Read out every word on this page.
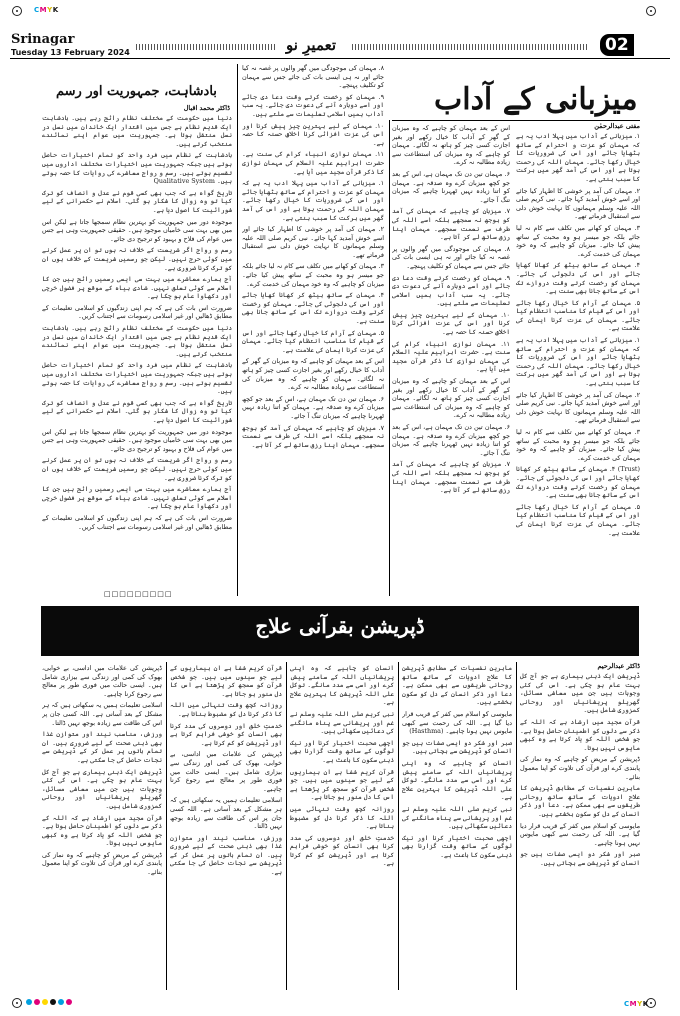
CMYK
CMYK
Srinagar
Tuesday 13 February 2024	تعمیرِ نو	02
میزبانی کے آداب
مفتی عبدالرحمٰن

۱. میزبانی کے آداب میں پہلا ادب یہ ہے کہ مہمان کو عزت و احترام کے ساتھ بٹھایا جائے اور اس کی ضروریات کا خیال رکھا جائے۔ مہمان اللہ کی رحمت ہوتا ہے اور اس کی آمد گھر میں برکت کا سبب بنتی ہے۔

۲. مہمان کی آمد پر خوشی کا اظہار کیا جائے اور اسے خوش آمدید کہا جائے۔ نبی کریم صلی اللہ علیہ وسلم مہمانوں کا نہایت خوش دلی سے استقبال فرماتے تھے۔

۳. مہمان کو کھانے میں تکلف سے کام نہ لیا جائے بلکہ جو میسر ہو وہ محبت کے ساتھ پیش کیا جائے۔ میزبان کو چاہیے کہ وہ خود مہمان کی خدمت کرے۔

۴. مہمان کے ساتھ بیٹھ کر کھانا کھایا جائے اور اس کی دلجوئی کی جائے۔ مہمان کو رخصت کرتے وقت دروازے تک اس کے ساتھ جانا بھی سنت ہے۔

۵. مہمان کے آرام کا خیال رکھا جائے اور اس کے قیام کا مناسب انتظام کیا جائے۔ مہمان کی عزت کرنا ایمان کی علامت ہے۔

۱. میزبانی کے آداب میں پہلا ادب یہ ہے کہ مہمان کو عزت و احترام کے ساتھ بٹھایا جائے اور اس کی ضروریات کا خیال رکھا جائے۔ مہمان اللہ کی رحمت ہوتا ہے اور اس کی آمد گھر میں برکت کا سبب بنتی ہے۔

۲. مہمان کی آمد پر خوشی کا اظہار کیا جائے اور اسے خوش آمدید کہا جائے۔ نبی کریم صلی اللہ علیہ وسلم مہمانوں کا نہایت خوش دلی سے استقبال فرماتے تھے۔

۳. مہمان کو کھانے میں تکلف سے کام نہ لیا جائے بلکہ جو میسر ہو وہ محبت کے ساتھ پیش کیا جائے۔ میزبان کو چاہیے کہ وہ خود مہمان کی خدمت کرے۔

(Trust) ۴. مہمان کے ساتھ بیٹھ کر کھانا کھایا جائے اور اس کی دلجوئی کی جائے۔ مہمان کو رخصت کرتے وقت دروازے تک اس کے ساتھ جانا بھی سنت ہے۔

۵. مہمان کے آرام کا خیال رکھا جائے اور اس کے قیام کا مناسب انتظام کیا جائے۔ مہمان کی عزت کرنا ایمان کی علامت ہے۔

اس کے بعد مہمان کو چاہیے کہ وہ میزبان کے گھر کے آداب کا خیال رکھے اور بغیر اجازت کسی چیز کو ہاتھ نہ لگائے۔ مہمان کو چاہیے کہ وہ میزبان کی استطاعت سے زیادہ مطالبہ نہ کرے۔

۶. مہمان تین دن تک مہمان ہے، اس کے بعد جو کچھ میزبان کرے وہ صدقہ ہے۔ مہمان کو اتنا زیادہ نہیں ٹھہرنا چاہیے کہ میزبان تنگ آ جائے۔

۷. میزبان کو چاہیے کہ مہمان کی آمد کو بوجھ نہ سمجھے بلکہ اسے اللہ کی طرف سے نعمت سمجھے۔ مہمان اپنا رزق ساتھ لے کر آتا ہے۔

۸. مہمان کی موجودگی میں گھر والوں پر غصہ نہ کیا جائے اور نہ ہی ایسی بات کی جائے جس سے مہمان کو تکلیف پہنچے۔

۹. مہمان کو رخصت کرتے وقت دعا دی جائے اور اسے دوبارہ آنے کی دعوت دی جائے۔ یہ سب آداب ہمیں اسلامی تعلیمات سے ملتے ہیں۔

۱۰. مہمان کے لیے بہترین چیز پیش کرنا اور اس کی عزت افزائی کرنا اخلاقِ حسنہ کا حصہ ہے۔

۱۱. مہمان نوازی انبیاء کرام کی سنت ہے۔ حضرت ابراہیم علیہ السلام کی مہمان نوازی کا ذکر قرآن مجید میں آیا ہے۔

اس کے بعد مہمان کو چاہیے کہ وہ میزبان کے گھر کے آداب کا خیال رکھے اور بغیر اجازت کسی چیز کو ہاتھ نہ لگائے۔ مہمان کو چاہیے کہ وہ میزبان کی استطاعت سے زیادہ مطالبہ نہ کرے۔

۶. مہمان تین دن تک مہمان ہے، اس کے بعد جو کچھ میزبان کرے وہ صدقہ ہے۔ مہمان کو اتنا زیادہ نہیں ٹھہرنا چاہیے کہ میزبان تنگ آ جائے۔

۷. میزبان کو چاہیے کہ مہمان کی آمد کو بوجھ نہ سمجھے بلکہ اسے اللہ کی طرف سے نعمت سمجھے۔ مہمان اپنا رزق ساتھ لے کر آتا ہے۔

۸. مہمان کی موجودگی میں گھر والوں پر غصہ نہ کیا جائے اور نہ ہی ایسی بات کی جائے جس سے مہمان کو تکلیف پہنچے۔

۹. مہمان کو رخصت کرتے وقت دعا دی جائے اور اسے دوبارہ آنے کی دعوت دی جائے۔ یہ سب آداب ہمیں اسلامی تعلیمات سے ملتے ہیں۔

۱۰. مہمان کے لیے بہترین چیز پیش کرنا اور اس کی عزت افزائی کرنا اخلاقِ حسنہ کا حصہ ہے۔

۱۱. مہمان نوازی انبیاء کرام کی سنت ہے۔ حضرت ابراہیم علیہ السلام کی مہمان نوازی کا ذکر قرآن مجید میں آیا ہے۔

۱. میزبانی کے آداب میں پہلا ادب یہ ہے کہ مہمان کو عزت و احترام کے ساتھ بٹھایا جائے اور اس کی ضروریات کا خیال رکھا جائے۔ مہمان اللہ کی رحمت ہوتا ہے اور اس کی آمد گھر میں برکت کا سبب بنتی ہے۔

۲. مہمان کی آمد پر خوشی کا اظہار کیا جائے اور اسے خوش آمدید کہا جائے۔ نبی کریم صلی اللہ علیہ وسلم مہمانوں کا نہایت خوش دلی سے استقبال فرماتے تھے۔

۳. مہمان کو کھانے میں تکلف سے کام نہ لیا جائے بلکہ جو میسر ہو وہ محبت کے ساتھ پیش کیا جائے۔ میزبان کو چاہیے کہ وہ خود مہمان کی خدمت کرے۔

۴. مہمان کے ساتھ بیٹھ کر کھانا کھایا جائے اور اس کی دلجوئی کی جائے۔ مہمان کو رخصت کرتے وقت دروازے تک اس کے ساتھ جانا بھی سنت ہے۔

۵. مہمان کے آرام کا خیال رکھا جائے اور اس کے قیام کا مناسب انتظام کیا جائے۔ مہمان کی عزت کرنا ایمان کی علامت ہے۔

اس کے بعد مہمان کو چاہیے کہ وہ میزبان کے گھر کے آداب کا خیال رکھے اور بغیر اجازت کسی چیز کو ہاتھ نہ لگائے۔ مہمان کو چاہیے کہ وہ میزبان کی استطاعت سے زیادہ مطالبہ نہ کرے۔

۶. مہمان تین دن تک مہمان ہے، اس کے بعد جو کچھ میزبان کرے وہ صدقہ ہے۔ مہمان کو اتنا زیادہ نہیں ٹھہرنا چاہیے کہ میزبان تنگ آ جائے۔

۷. میزبان کو چاہیے کہ مہمان کی آمد کو بوجھ نہ سمجھے بلکہ اسے اللہ کی طرف سے نعمت سمجھے۔ مہمان اپنا رزق ساتھ لے کر آتا ہے۔

بادشاہت، جمہوریت اور رسم
ڈاکٹر محمد اقبال

دنیا میں حکومت کے مختلف نظام رائج رہے ہیں۔ بادشاہت ایک قدیم نظام ہے جس میں اقتدار ایک خاندان میں نسل در نسل منتقل ہوتا ہے۔ جمہوریت میں عوام اپنے نمائندے منتخب کرتے ہیں۔

بادشاہت کے نظام میں فرد واحد کو تمام اختیارات حاصل ہوتے ہیں جبکہ جمہوریت میں اختیارات مختلف اداروں میں تقسیم ہوتے ہیں۔ رسم و رواج معاشرے کی روایات کا حصہ ہوتے ہیں۔ Qualitative System

تاریخ گواہ ہے کہ جب بھی کسی قوم نے عدل و انصاف کو ترک کیا تو وہ زوال کا شکار ہو گئی۔ اسلام نے حکمرانی کے لیے شورائیت کا اصول دیا ہے۔

موجودہ دور میں جمہوریت کو بہترین نظام سمجھا جاتا ہے لیکن اس میں بھی بہت سی خامیاں موجود ہیں۔ حقیقی جمہوریت وہی ہے جس میں عوام کی فلاح و بہبود کو ترجیح دی جائے۔

رسم و رواج اگر شریعت کے خلاف نہ ہوں تو ان پر عمل کرنے میں کوئی حرج نہیں۔ لیکن جو رسمیں شریعت کے خلاف ہوں ان کو ترک کرنا ضروری ہے۔

آج ہمارے معاشرے میں بہت سی ایسی رسمیں رائج ہیں جن کا اسلام سے کوئی تعلق نہیں۔ شادی بیاہ کے موقع پر فضول خرچی اور دکھاوا عام ہو چکا ہے۔

ضرورت اس بات کی ہے کہ ہم اپنی زندگیوں کو اسلامی تعلیمات کے مطابق ڈھالیں اور غیر اسلامی رسومات سے اجتناب کریں۔

دنیا میں حکومت کے مختلف نظام رائج رہے ہیں۔ بادشاہت ایک قدیم نظام ہے جس میں اقتدار ایک خاندان میں نسل در نسل منتقل ہوتا ہے۔ جمہوریت میں عوام اپنے نمائندے منتخب کرتے ہیں۔

بادشاہت کے نظام میں فرد واحد کو تمام اختیارات حاصل ہوتے ہیں جبکہ جمہوریت میں اختیارات مختلف اداروں میں تقسیم ہوتے ہیں۔ رسم و رواج معاشرے کی روایات کا حصہ ہوتے ہیں۔

تاریخ گواہ ہے کہ جب بھی کسی قوم نے عدل و انصاف کو ترک کیا تو وہ زوال کا شکار ہو گئی۔ اسلام نے حکمرانی کے لیے شورائیت کا اصول دیا ہے۔

موجودہ دور میں جمہوریت کو بہترین نظام سمجھا جاتا ہے لیکن اس میں بھی بہت سی خامیاں موجود ہیں۔ حقیقی جمہوریت وہی ہے جس میں عوام کی فلاح و بہبود کو ترجیح دی جائے۔

رسم و رواج اگر شریعت کے خلاف نہ ہوں تو ان پر عمل کرنے میں کوئی حرج نہیں۔ لیکن جو رسمیں شریعت کے خلاف ہوں ان کو ترک کرنا ضروری ہے۔

آج ہمارے معاشرے میں بہت سی ایسی رسمیں رائج ہیں جن کا اسلام سے کوئی تعلق نہیں۔ شادی بیاہ کے موقع پر فضول خرچی اور دکھاوا عام ہو چکا ہے۔

ضرورت اس بات کی ہے کہ ہم اپنی زندگیوں کو اسلامی تعلیمات کے مطابق ڈھالیں اور غیر اسلامی رسومات سے اجتناب کریں۔

□□□□□□□□□
ڈپریشن بقرآنی علاج
ڈاکٹر عبدالرحیم

ڈپریشن ایک ذہنی بیماری ہے جو آج کل بہت عام ہو چکی ہے۔ اس کی کئی وجوہات ہیں جن میں معاشی مسائل، گھریلو پریشانیاں اور روحانی کمزوری شامل ہیں۔

قرآن مجید میں ارشاد ہے کہ اللہ کے ذکر سے دلوں کو اطمینان حاصل ہوتا ہے۔ جو شخص اللہ کو یاد کرتا ہے وہ کبھی مایوس نہیں ہوتا۔

ڈپریشن کے مریض کو چاہیے کہ وہ نماز کی پابندی کرے اور قرآن کی تلاوت کو اپنا معمول بنائے۔

ماہرین نفسیات کے مطابق ڈپریشن کا علاج ادویات کے ساتھ ساتھ روحانی طریقوں سے بھی ممکن ہے۔ دعا اور ذکر انسان کے دل کو سکون بخشتے ہیں۔

مایوسی کو اسلام میں کفر کے قریب قرار دیا گیا ہے۔ اللہ کی رحمت سے کبھی مایوس نہیں ہونا چاہیے۔

صبر اور شکر دو ایسی صفات ہیں جو انسان کو ڈپریشن سے بچاتی ہیں۔

ماہرین نفسیات کے مطابق ڈپریشن کا علاج ادویات کے ساتھ ساتھ روحانی طریقوں سے بھی ممکن ہے۔ دعا اور ذکر انسان کے دل کو سکون بخشتے ہیں۔

مایوسی کو اسلام میں کفر کے قریب قرار دیا گیا ہے۔ اللہ کی رحمت سے کبھی مایوس نہیں ہونا چاہیے۔ (Hasthma)

صبر اور شکر دو ایسی صفات ہیں جو انسان کو ڈپریشن سے بچاتی ہیں۔

انسان کو چاہیے کہ وہ اپنی پریشانیاں اللہ کے سامنے پیش کرے اور اسی سے مدد مانگے۔ توکل علی اللہ ڈپریشن کا بہترین علاج ہے۔

نبی کریم صلی اللہ علیہ وسلم نے غم اور پریشانی سے پناہ مانگنے کی دعائیں سکھائی ہیں۔

اچھی صحبت اختیار کرنا اور نیک لوگوں کے ساتھ وقت گزارنا بھی ذہنی سکون کا باعث ہے۔

انسان کو چاہیے کہ وہ اپنی پریشانیاں اللہ کے سامنے پیش کرے اور اسی سے مدد مانگے۔ توکل علی اللہ ڈپریشن کا بہترین علاج ہے۔

نبی کریم صلی اللہ علیہ وسلم نے غم اور پریشانی سے پناہ مانگنے کی دعائیں سکھائی ہیں۔

اچھی صحبت اختیار کرنا اور نیک لوگوں کے ساتھ وقت گزارنا بھی ذہنی سکون کا باعث ہے۔

قرآن کریم شفا ہے ان بیماریوں کے لیے جو سینوں میں ہیں۔ جو شخص قرآن کو سمجھ کر پڑھتا ہے اس کا دل منور ہو جاتا ہے۔

روزانہ کچھ وقت تنہائی میں اللہ کا ذکر کرنا دل کو مضبوط بناتا ہے۔

خدمتِ خلق اور دوسروں کی مدد کرنا بھی انسان کو خوشی فراہم کرتا ہے اور ڈپریشن کو کم کرتا ہے۔

قرآن کریم شفا ہے ان بیماریوں کے لیے جو سینوں میں ہیں۔ جو شخص قرآن کو سمجھ کر پڑھتا ہے اس کا دل منور ہو جاتا ہے۔

روزانہ کچھ وقت تنہائی میں اللہ کا ذکر کرنا دل کو مضبوط بناتا ہے۔

خدمتِ خلق اور دوسروں کی مدد کرنا بھی انسان کو خوشی فراہم کرتا ہے اور ڈپریشن کو کم کرتا ہے۔

ڈپریشن کی علامات میں اداسی، بے خوابی، بھوک کی کمی اور زندگی سے بیزاری شامل ہیں۔ ایسی حالت میں فوری طور پر معالج سے رجوع کرنا چاہیے۔

اسلامی تعلیمات ہمیں یہ سکھاتی ہیں کہ ہر مشکل کے بعد آسانی ہے۔ اللہ کسی جان پر اس کی طاقت سے زیادہ بوجھ نہیں ڈالتا۔

ورزش، مناسب نیند اور متوازن غذا بھی ذہنی صحت کے لیے ضروری ہیں۔ ان تمام باتوں پر عمل کر کے ڈپریشن سے نجات حاصل کی جا سکتی ہے۔

ڈپریشن کی علامات میں اداسی، بے خوابی، بھوک کی کمی اور زندگی سے بیزاری شامل ہیں۔ ایسی حالت میں فوری طور پر معالج سے رجوع کرنا چاہیے۔

اسلامی تعلیمات ہمیں یہ سکھاتی ہیں کہ ہر مشکل کے بعد آسانی ہے۔ اللہ کسی جان پر اس کی طاقت سے زیادہ بوجھ نہیں ڈالتا۔

ورزش، مناسب نیند اور متوازن غذا بھی ذہنی صحت کے لیے ضروری ہیں۔ ان تمام باتوں پر عمل کر کے ڈپریشن سے نجات حاصل کی جا سکتی ہے۔

ڈپریشن ایک ذہنی بیماری ہے جو آج کل بہت عام ہو چکی ہے۔ اس کی کئی وجوہات ہیں جن میں معاشی مسائل، گھریلو پریشانیاں اور روحانی کمزوری شامل ہیں۔

قرآن مجید میں ارشاد ہے کہ اللہ کے ذکر سے دلوں کو اطمینان حاصل ہوتا ہے۔ جو شخص اللہ کو یاد کرتا ہے وہ کبھی مایوس نہیں ہوتا۔

ڈپریشن کے مریض کو چاہیے کہ وہ نماز کی پابندی کرے اور قرآن کی تلاوت کو اپنا معمول بنائے۔
